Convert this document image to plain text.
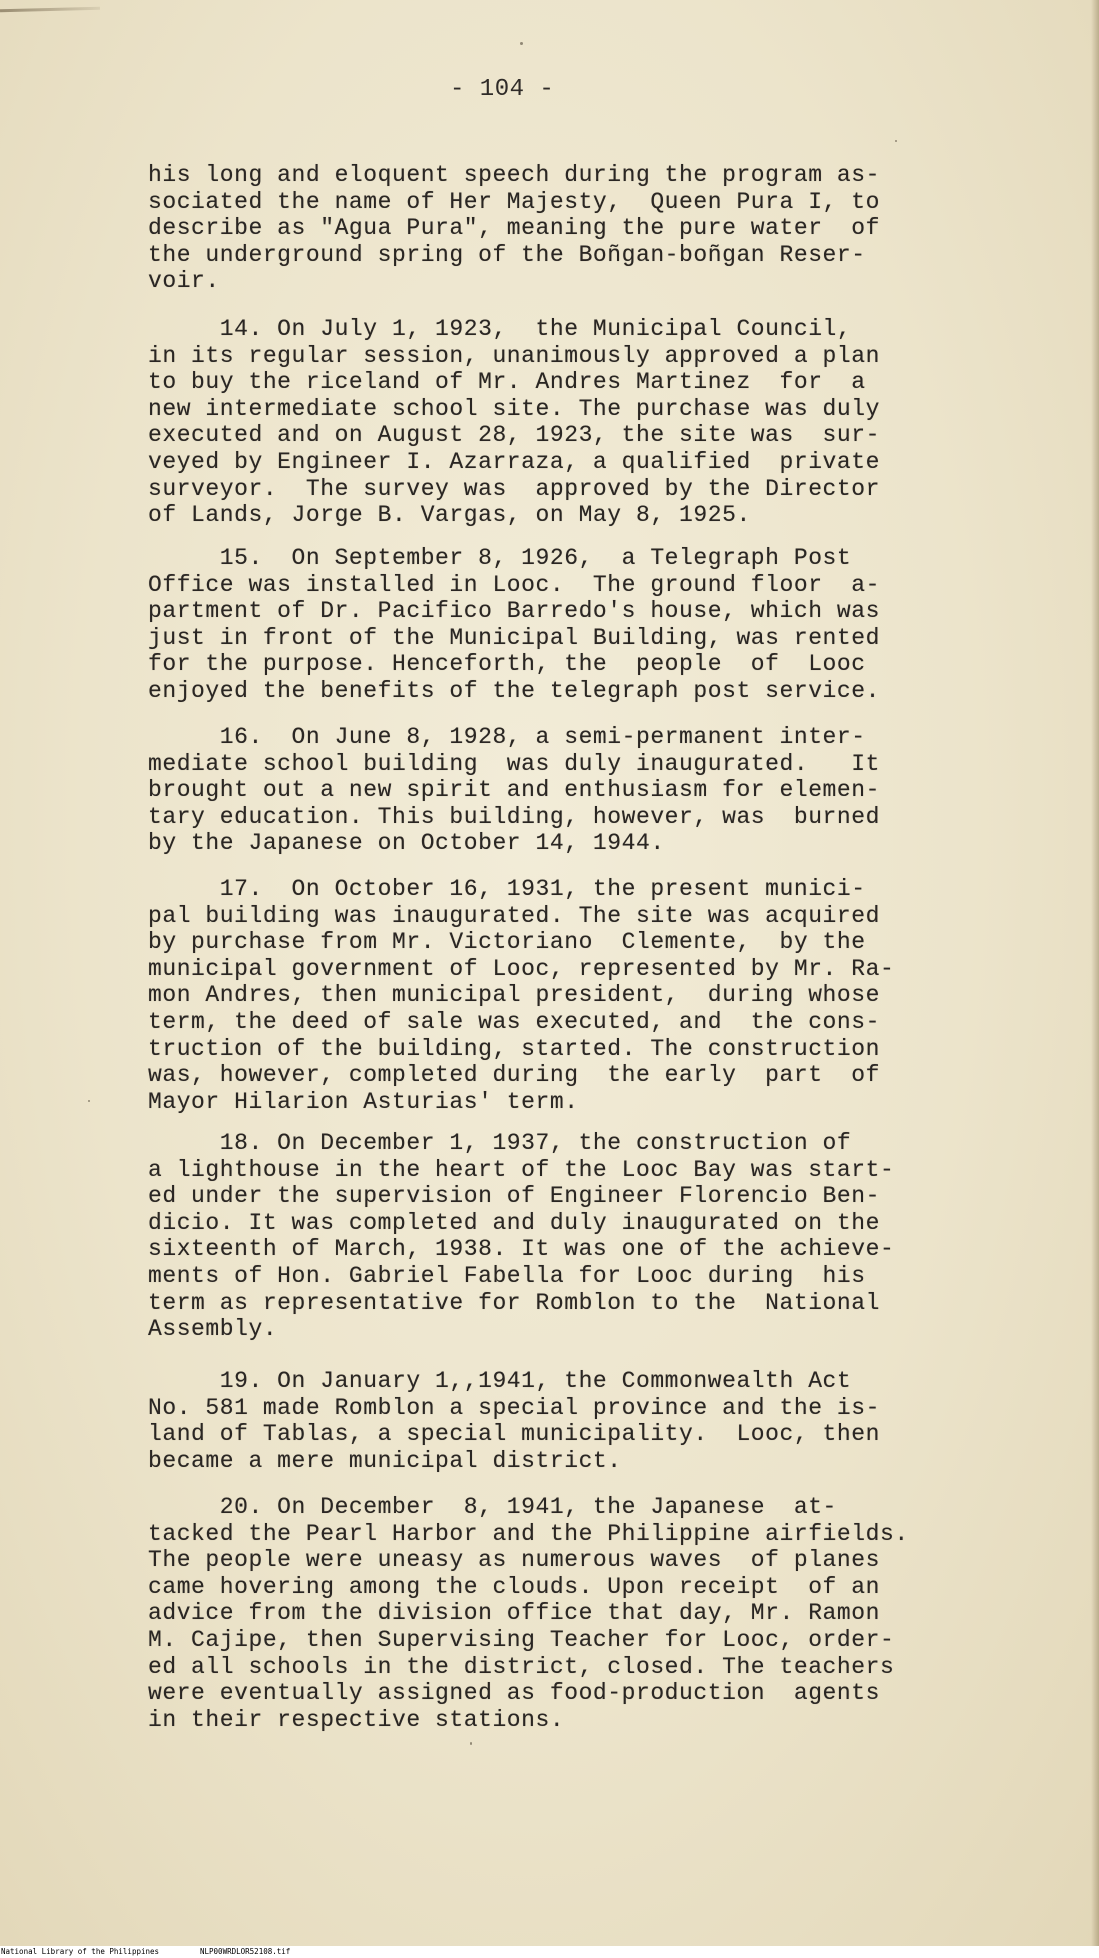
- 104 -
his long and eloquent speech during the program as-
sociated the name of Her Majesty,  Queen Pura I, to
describe as "Agua Pura", meaning the pure water  of
the underground spring of the Boñgan-boñgan Reser-
voir.
14. On July 1, 1923,  the Municipal Council,
in its regular session, unanimously approved a plan
to buy the riceland of Mr. Andres Martinez  for  a
new intermediate school site. The purchase was duly
executed and on August 28, 1923, the site was  sur-
veyed by Engineer I. Azarraza, a qualified  private
surveyor.  The survey was  approved by the Director
of Lands, Jorge B. Vargas, on May 8, 1925.
15.  On September 8, 1926,  a Telegraph Post
Office was installed in Looc.  The ground floor  a-
partment of Dr. Pacifico Barredo's house, which was
just in front of the Municipal Building, was rented
for the purpose. Henceforth, the  people  of  Looc
enjoyed the benefits of the telegraph post service.
16.  On June 8, 1928, a semi-permanent inter-
mediate school building  was duly inaugurated.   It
brought out a new spirit and enthusiasm for elemen-
tary education. This building, however, was  burned
by the Japanese on October 14, 1944.
17.  On October 16, 1931, the present munici-
pal building was inaugurated. The site was acquired
by purchase from Mr. Victoriano  Clemente,  by the
municipal government of Looc, represented by Mr. Ra-
mon Andres, then municipal president,  during whose
term, the deed of sale was executed, and  the cons-
truction of the building, started. The construction
was, however, completed during  the early  part  of
Mayor Hilarion Asturias' term.
18. On December 1, 1937, the construction of
a lighthouse in the heart of the Looc Bay was start-
ed under the supervision of Engineer Florencio Ben-
dicio. It was completed and duly inaugurated on the
sixteenth of March, 1938. It was one of the achieve-
ments of Hon. Gabriel Fabella for Looc during  his
term as representative for Romblon to the  National
Assembly.
19. On January 1,,1941, the Commonwealth Act
No. 581 made Romblon a special province and the is-
land of Tablas, a special municipality.  Looc, then
became a mere municipal district.
20. On December  8, 1941, the Japanese  at-
tacked the Pearl Harbor and the Philippine airfields.
The people were uneasy as numerous waves  of planes
came hovering among the clouds. Upon receipt  of an
advice from the division office that day, Mr. Ramon
M. Cajipe, then Supervising Teacher for Looc, order-
ed all schools in the district, closed. The teachers
were eventually assigned as food-production  agents
in their respective stations.
National Library of the Philippines	NLP00WRDLOR52108.tif
